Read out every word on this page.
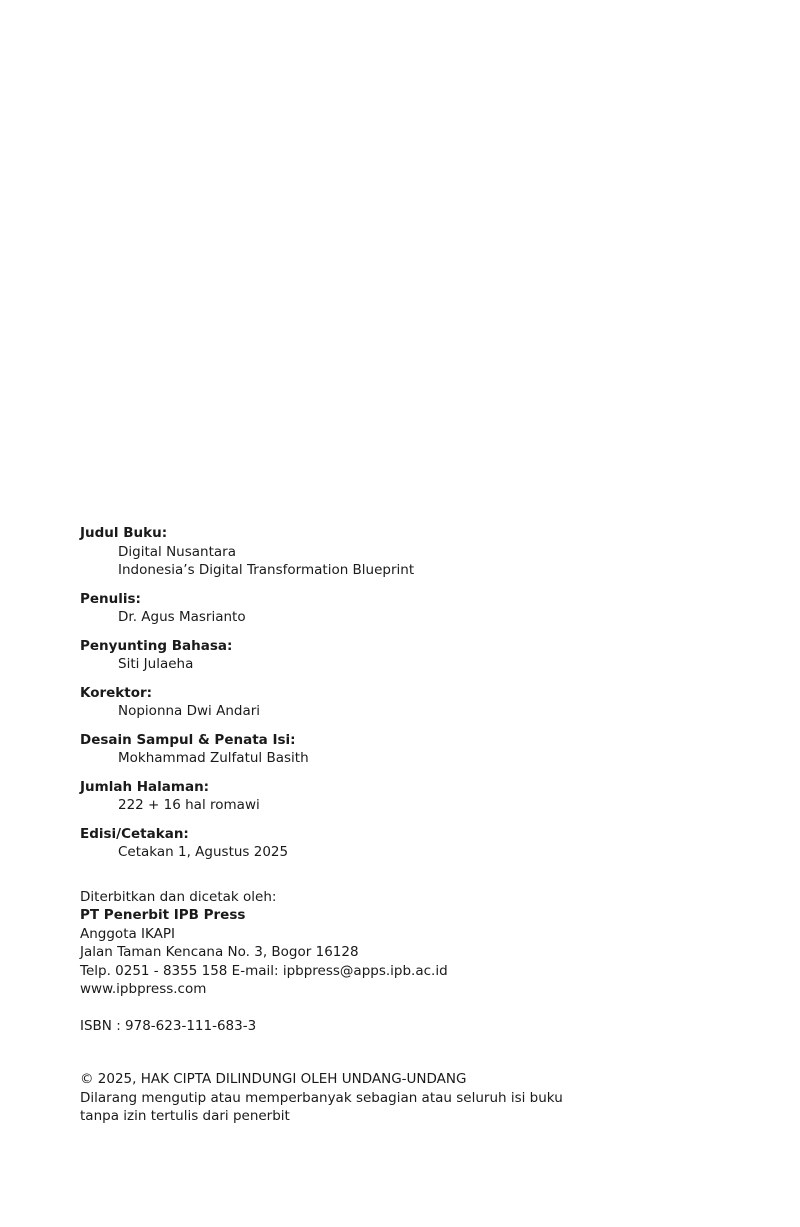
Judul Buku:
Digital Nusantara
Indonesia’s Digital Transformation Blueprint
Penulis:
Dr. Agus Masrianto
Penyunting Bahasa:
Siti Julaeha
Korektor:
Nopionna Dwi Andari
Desain Sampul & Penata Isi:
Mokhammad Zulfatul Basith
Jumlah Halaman:
222 + 16 hal romawi
Edisi/Cetakan:
Cetakan 1, Agustus 2025
Diterbitkan dan dicetak oleh:
PT Penerbit IPB Press
Anggota IKAPI
Jalan Taman Kencana No. 3, Bogor 16128
Telp. 0251 - 8355 158 E-mail: ipbpress@apps.ipb.ac.id
www.ipbpress.com
ISBN : 978-623-111-683-3
© 2025, HAK CIPTA DILINDUNGI OLEH UNDANG-UNDANG
Dilarang mengutip atau memperbanyak sebagian atau seluruh isi buku
tanpa izin tertulis dari penerbit
